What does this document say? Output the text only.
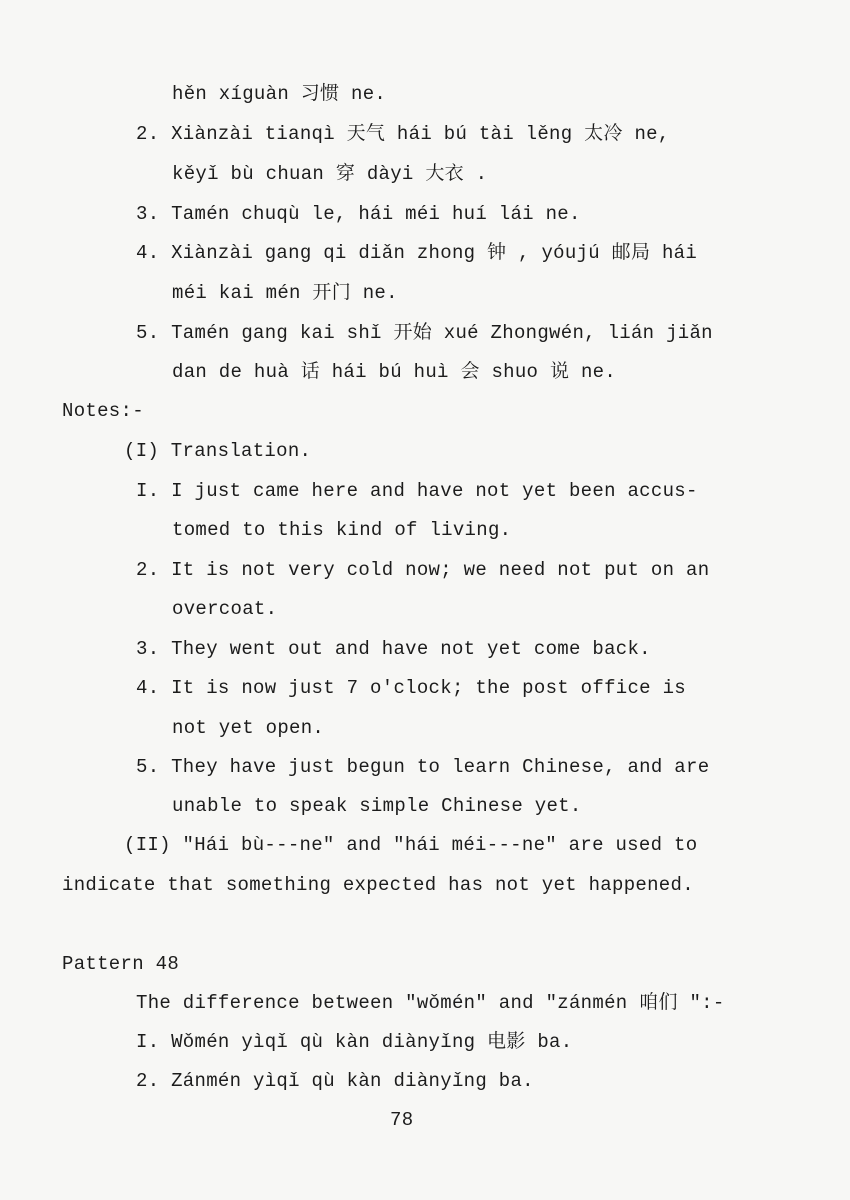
hěn xíguàn 习惯 ne.
2. Xiànzài tianqì 天气 hái bú tài lěng 太冷 ne,
kěyǐ bù chuan 穿 dàyi 大衣 .
3. Tamén chuqù le, hái méi huí lái ne.
4. Xiànzài gang qi diǎn zhong 钟 , yóujú 邮局 hái
méi kai mén 开门 ne.
5. Tamén gang kai shǐ 开始 xué Zhongwén, lián jiǎn
dan de huà 话 hái bú huì 会 shuo 说 ne.
Notes:-
(I) Translation.
I. I just came here and have not yet been accus-
tomed to this kind of living.
2. It is not very cold now; we need not put on an
overcoat.
3. They went out and have not yet come back.
4. It is now just 7 o'clock; the post office is
not yet open.
5. They have just begun to learn Chinese, and are
unable to speak simple Chinese yet.
(II) "Hái bù---ne" and "hái méi---ne" are used to
indicate that something expected has not yet happened.
Pattern 48
The difference between "wǒmén" and "zánmén 咱们 ":-
I. Wǒmén yìqǐ qù kàn diànyǐng 电影 ba.
2. Zánmén yìqǐ qù kàn diànyǐng ba.
78
